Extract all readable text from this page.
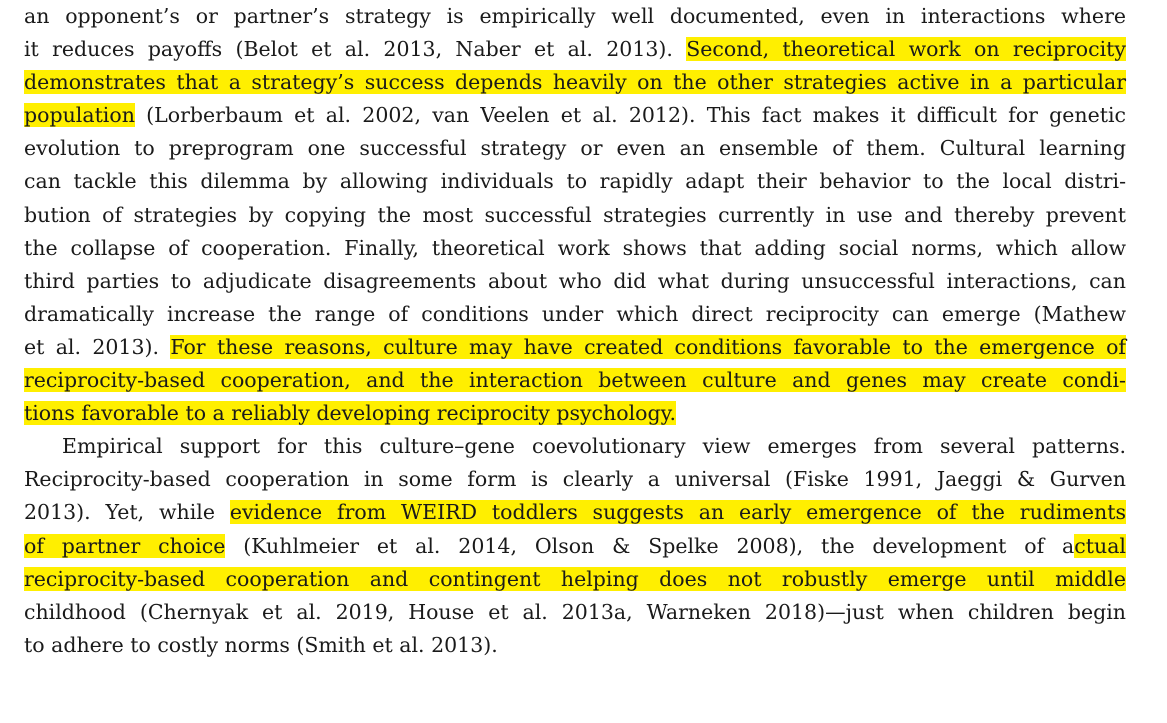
an opponent’s or partner’s strategy is empirically well documented, even in interactions where
it reduces payoffs (Belot et al. 2013, Naber et al. 2013). Second, theoretical work on reciprocity
demonstrates that a strategy’s success depends heavily on the other strategies active in a particular
population (Lorberbaum et al. 2002, van Veelen et al. 2012). This fact makes it difficult for genetic
evolution to preprogram one successful strategy or even an ensemble of them. Cultural learning
can tackle this dilemma by allowing individuals to rapidly adapt their behavior to the local distri-
bution of strategies by copying the most successful strategies currently in use and thereby prevent
the collapse of cooperation. Finally, theoretical work shows that adding social norms, which allow
third parties to adjudicate disagreements about who did what during unsuccessful interactions, can
dramatically increase the range of conditions under which direct reciprocity can emerge (Mathew
et al. 2013). For these reasons, culture may have created conditions favorable to the emergence of
reciprocity-based cooperation, and the interaction between culture and genes may create condi-
tions favorable to a reliably developing reciprocity psychology.
Empirical support for this culture–gene coevolutionary view emerges from several patterns.
Reciprocity-based cooperation in some form is clearly a universal (Fiske 1991, Jaeggi & Gurven
2013). Yet, while evidence from WEIRD toddlers suggests an early emergence of the rudiments
of partner choice (Kuhlmeier et al. 2014, Olson & Spelke 2008), the development of actual
reciprocity-based cooperation and contingent helping does not robustly emerge until middle
childhood (Chernyak et al. 2019, House et al. 2013a, Warneken 2018)—just when children begin
to adhere to costly norms (Smith et al. 2013).
